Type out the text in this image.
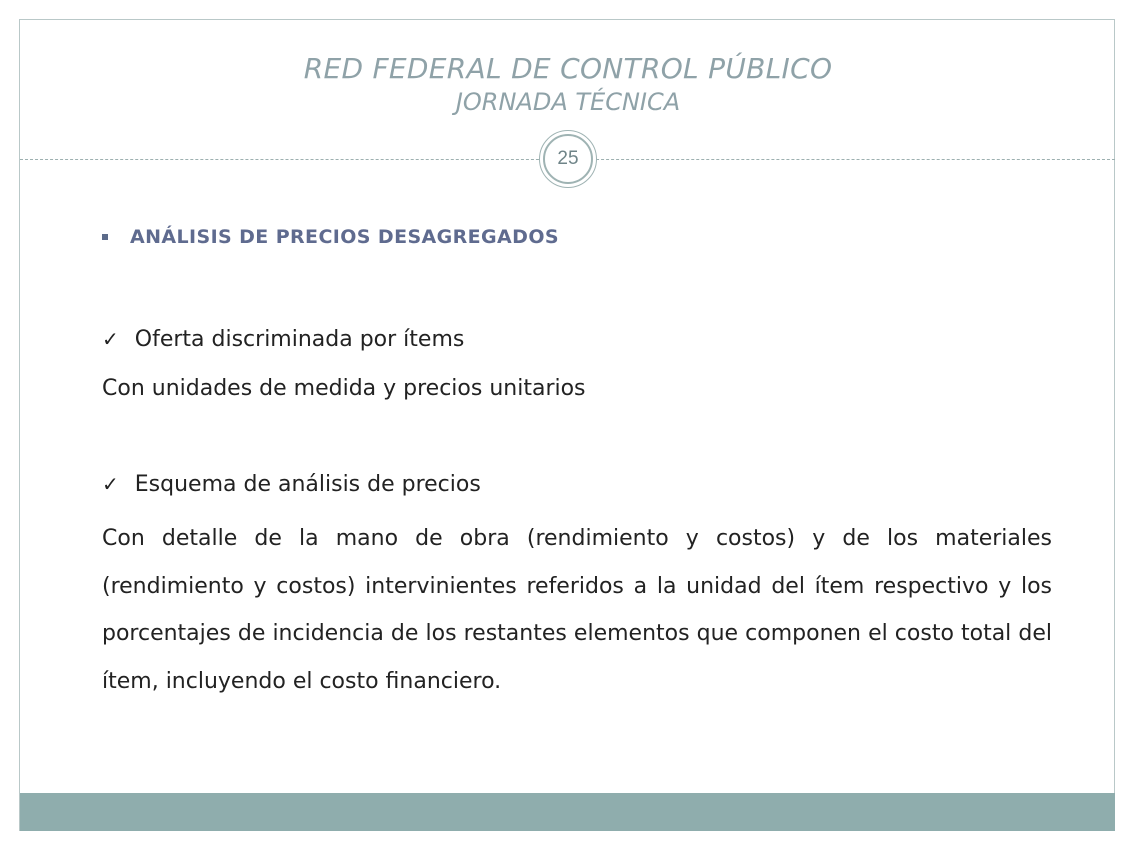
RED FEDERAL DE CONTROL PÚBLICO
JORNADA TÉCNICA
25
ANÁLISIS DE PRECIOS DESAGREGADOS
✓ Oferta discriminada por ítems
Con unidades de medida y precios unitarios
✓ Esquema de análisis de precios
Con detalle de la mano de obra (rendimiento y costos) y de los materiales (rendimiento y costos) intervinientes referidos a la unidad del ítem respectivo y los porcentajes de incidencia de los restantes elementos que componen el costo total del ítem, incluyendo el costo financiero.
